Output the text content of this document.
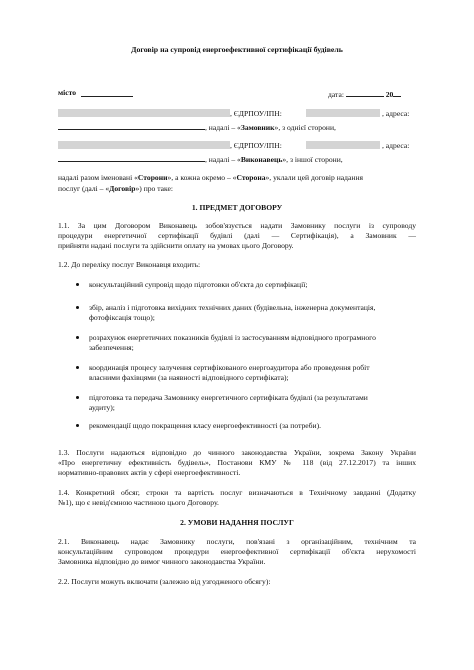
Договір на супровід енергоефективної сертифікації будівель
місто	дата:	20
, ЄДРПОУ/ІПН:	, адреса:
, надалі – «Замовник», з однієї сторони,
, ЄДРПОУ/ІПН:	, адреса:
, надалі – «Виконавець», з іншої сторони,
надалі разом іменовані «Сторони», а кожна окремо – «Сторона», уклали цей договір надання
послуг (далі – «Договір») про таке:
1. ПРЕДМЕТ ДОГОВОРУ
1.1. За цим Договором Виконавець зобов'язується надати Замовнику послуги із супроводу
процедури енергетичної сертифікації будівлі (далі — Сертифікація), а Замовник —
прийняти надані послуги та здійснити оплату на умовах цього Договору.
1.2. До переліку послуг Виконавця входить:
консультаційний супровід щодо підготовки об'єкта до сертифікації;
збір, аналіз і підготовка вихідних технічних даних (будівельна, інженерна документація,
фотофіксація тощо);
розрахунок енергетичних показників будівлі із застосуванням відповідного програмного
забезпечення;
координація процесу залучення сертифікованого енергоаудитора або проведення робіт
власними фахівцями (за наявності відповідного сертифіката);
підготовка та передача Замовнику енергетичного сертифіката будівлі (за результатами
аудиту);
рекомендації щодо покращення класу енергоефективності (за потреби).
1.3. Послуги надаються відповідно до чинного законодавства України, зокрема Закону України
«Про енергетичну ефективність будівель», Постанови КМУ № 118 (від 27.12.2017) та інших
нормативно-правових актів у сфері енергоефективності.
1.4. Конкретний обсяг, строки та вартість послуг визначаються в Технічному завданні (Додатку
№1), що є невід'ємною частиною цього Договору.
2. УМОВИ НАДАННЯ ПОСЛУГ
2.1. Виконавець надає Замовнику послуги, пов'язані з організаційним, технічним та
консультаційним супроводом процедури енергоефективної сертифікації об'єкта нерухомості
Замовника відповідно до вимог чинного законодавства України.
2.2. Послуги можуть включати (залежно від узгодженого обсягу):
